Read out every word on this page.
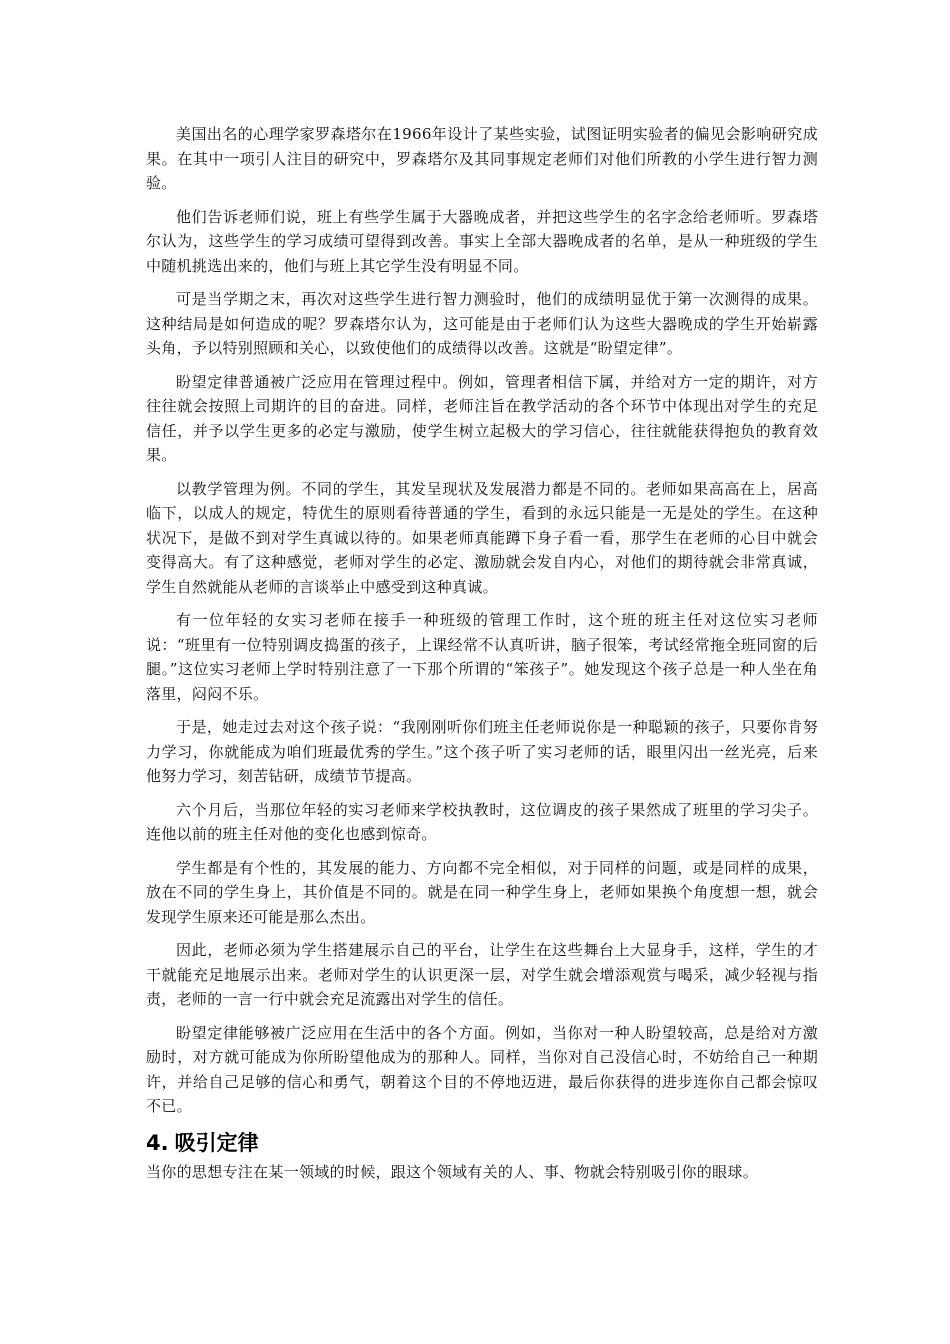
美国出名的心理学家罗森塔尔在1966年设计了某些实验，试图证明实验者的偏见会影响研究成果。在其中一项引人注目的研究中，罗森塔尔及其同事规定老师们对他们所教的小学生进行智力测验。

他们告诉老师们说，班上有些学生属于大器晚成者，并把这些学生的名字念给老师听。罗森塔尔认为，这些学生的学习成绩可望得到改善。事实上全部大器晚成者的名单，是从一种班级的学生中随机挑选出来的，他们与班上其它学生没有明显不同。

可是当学期之末，再次对这些学生进行智力测验时，他们的成绩明显优于第一次测得的成果。这种结局是如何造成的呢？罗森塔尔认为，这可能是由于老师们认为这些大器晚成的学生开始崭露头角，予以特别照顾和关心，以致使他们的成绩得以改善。这就是“盼望定律”。

盼望定律普通被广泛应用在管理过程中。例如，管理者相信下属，并给对方一定的期许，对方往往就会按照上司期许的目的奋进。同样，老师注旨在教学活动的各个环节中体现出对学生的充足信任，并予以学生更多的必定与激励，使学生树立起极大的学习信心，往往就能获得抱负的教育效果。

以教学管理为例。不同的学生，其发呈现状及发展潜力都是不同的。老师如果高高在上，居高临下，以成人的规定，特优生的原则看待普通的学生，看到的永远只能是一无是处的学生。在这种状况下，是做不到对学生真诚以待的。如果老师真能蹲下身子看一看，那学生在老师的心目中就会变得高大。有了这种感觉，老师对学生的必定、激励就会发自内心，对他们的期待就会非常真诚，学生自然就能从老师的言谈举止中感受到这种真诚。

有一位年轻的女实习老师在接手一种班级的管理工作时，这个班的班主任对这位实习老师说：“班里有一位特别调皮捣蛋的孩子，上课经常不认真听讲，脑子很笨，考试经常拖全班同窗的后腿。”这位实习老师上学时特别注意了一下那个所谓的“笨孩子”。她发现这个孩子总是一种人坐在角落里，闷闷不乐。

于是，她走过去对这个孩子说：“我刚刚听你们班主任老师说你是一种聪颖的孩子，只要你肯努力学习，你就能成为咱们班最优秀的学生。”这个孩子听了实习老师的话，眼里闪出一丝光亮，后来他努力学习，刻苦钻研，成绩节节提高。

六个月后，当那位年轻的实习老师来学校执教时，这位调皮的孩子果然成了班里的学习尖子。连他以前的班主任对他的变化也感到惊奇。

学生都是有个性的，其发展的能力、方向都不完全相似，对于同样的问题，或是同样的成果，放在不同的学生身上，其价值是不同的。就是在同一种学生身上，老师如果换个角度想一想，就会发现学生原来还可能是那么杰出。

因此，老师必须为学生搭建展示自己的平台，让学生在这些舞台上大显身手，这样，学生的才干就能充足地展示出来。老师对学生的认识更深一层，对学生就会增添观赏与喝采，减少轻视与指责，老师的一言一行中就会充足流露出对学生的信任。

盼望定律能够被广泛应用在生活中的各个方面。例如，当你对一种人盼望较高，总是给对方激励时，对方就可能成为你所盼望他成为的那种人。同样，当你对自己没信心时，不妨给自己一种期许，并给自己足够的信心和勇气，朝着这个目的不停地迈进，最后你获得的进步连你自己都会惊叹不已。

4. 吸引定律

当你的思想专注在某一领域的时候，跟这个领域有关的人、事、物就会特别吸引你的眼球。
